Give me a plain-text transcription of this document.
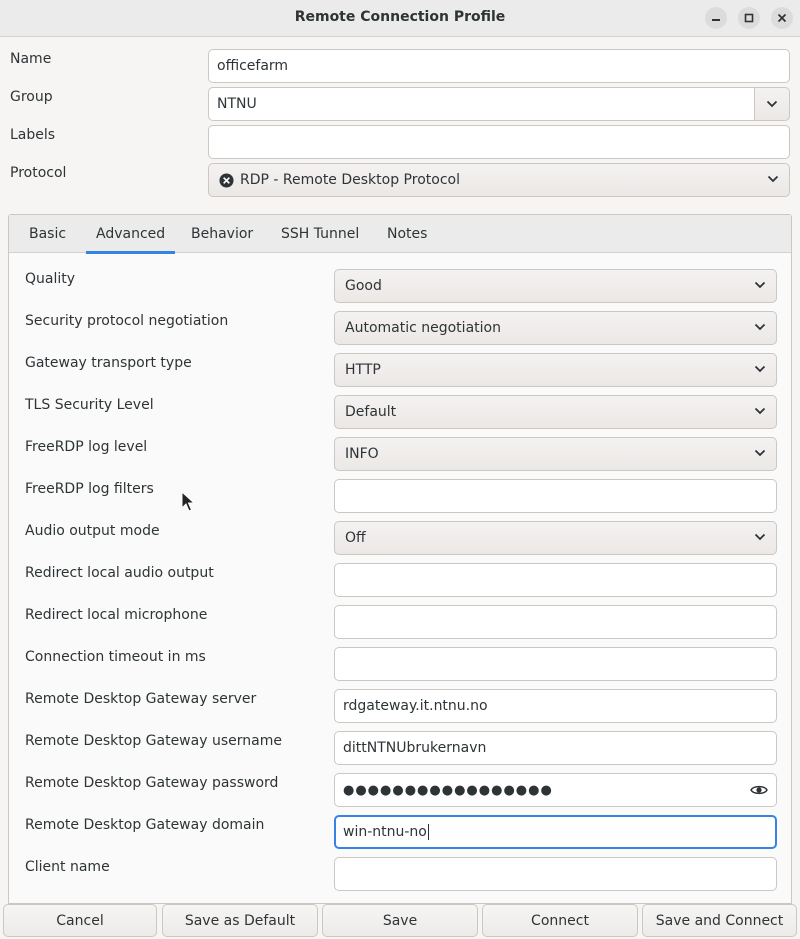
Remote Connection Profile
Name	officefarm
Group	NTNU
Labels
Protocol	RDP - Remote Desktop Protocol
Basic Advanced Behavior SSH Tunnel Notes
Quality	Good
Security protocol negotiation	Automatic negotiation
Gateway transport type	HTTP
TLS Security Level	Default
FreeRDP log level	INFO
FreeRDP log filters
Audio output mode	Off
Redirect local audio output
Redirect local microphone
Connection timeout in ms
Remote Desktop Gateway server	rdgateway.it.ntnu.no
Remote Desktop Gateway username	dittNTNUbrukernavn
Remote Desktop Gateway password	●●●●●●●●●●●●●●●●●
Remote Desktop Gateway domain	win-ntnu-no
Client name
Cancel	Save as Default	Save	Connect	Save and Connect
